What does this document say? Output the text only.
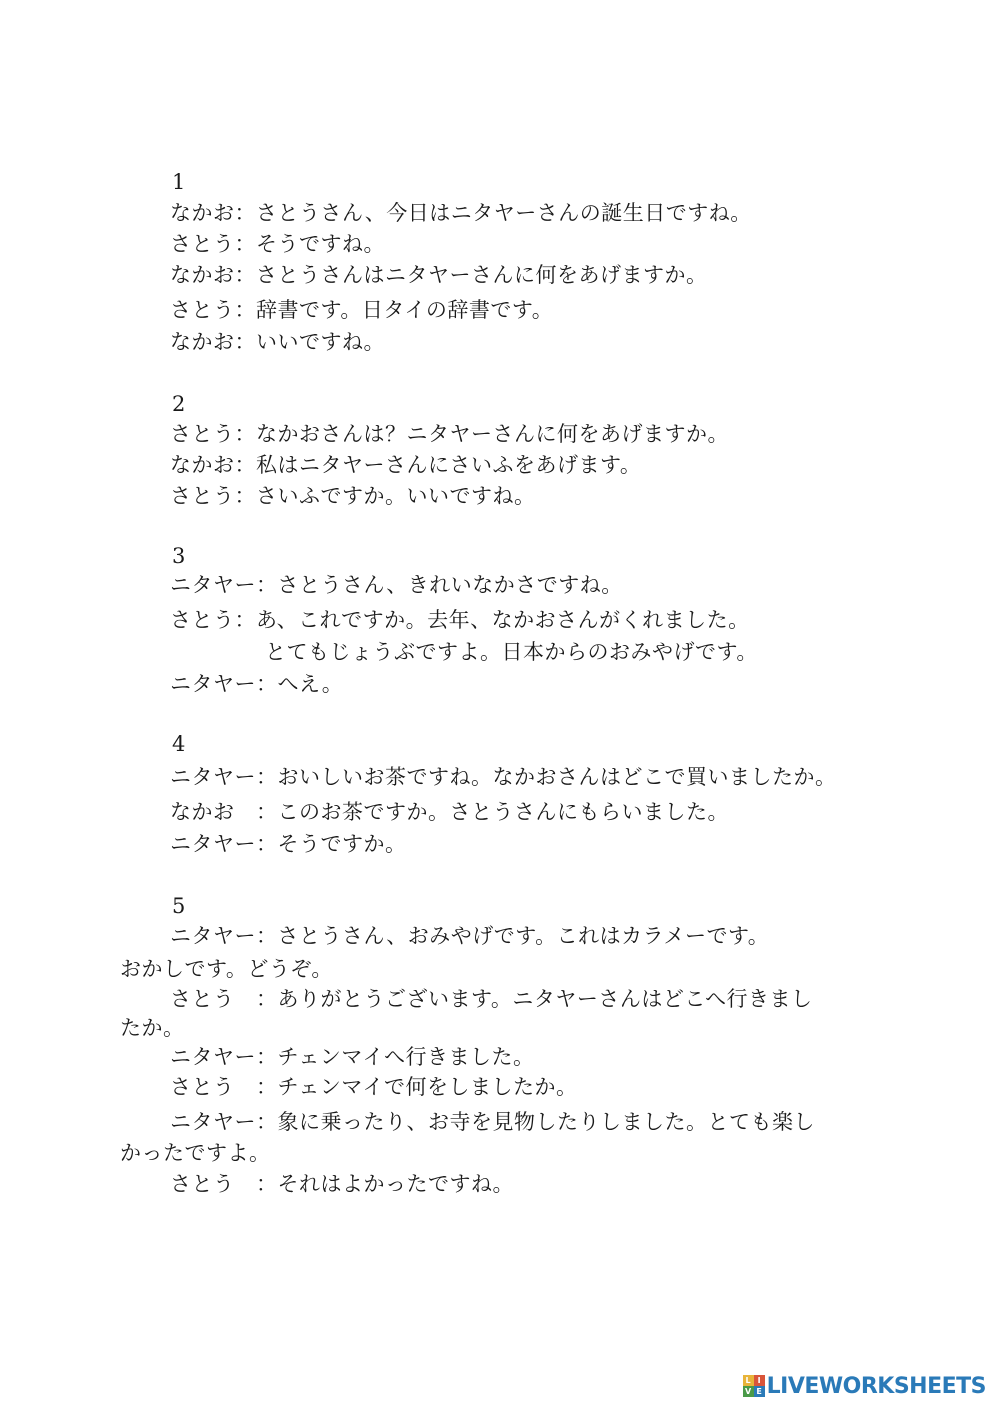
1
なかお：さとうさん、今日はニタヤーさんの誕生日ですね。
さとう：そうですね。
なかお：さとうさんはニタヤーさんに何をあげますか。
さとう：辞書です。日タイの辞書です。
なかお：いいですね。
2
さとう：なかおさんは？ニタヤーさんに何をあげますか。
なかお：私はニタヤーさんにさいふをあげます。
さとう：さいふですか。いいですね。
3
ニタヤー：さとうさん、きれいなかさですね。
さとう：あ、これですか。去年、なかおさんがくれました。
とてもじょうぶですよ。日本からのおみやげです。
ニタヤー：へえ。
4
ニタヤー：おいしいお茶ですね。なかおさんはどこで買いましたか。
なかお　：このお茶ですか。さとうさんにもらいました。
ニタヤー：そうですか。
5
ニタヤー：さとうさん、おみやげです。これはカラメーです。
おかしです。どうぞ。
さとう　：ありがとうございます。ニタヤーさんはどこへ行きまし
たか。
ニタヤー：チェンマイへ行きました。
さとう　：チェンマイで何をしましたか。
ニタヤー：象に乗ったり、お寺を見物したりしました。とても楽し
かったですよ。
さとう　：それはよかったですね。
L I
V E LIVEWORKSHEETS
